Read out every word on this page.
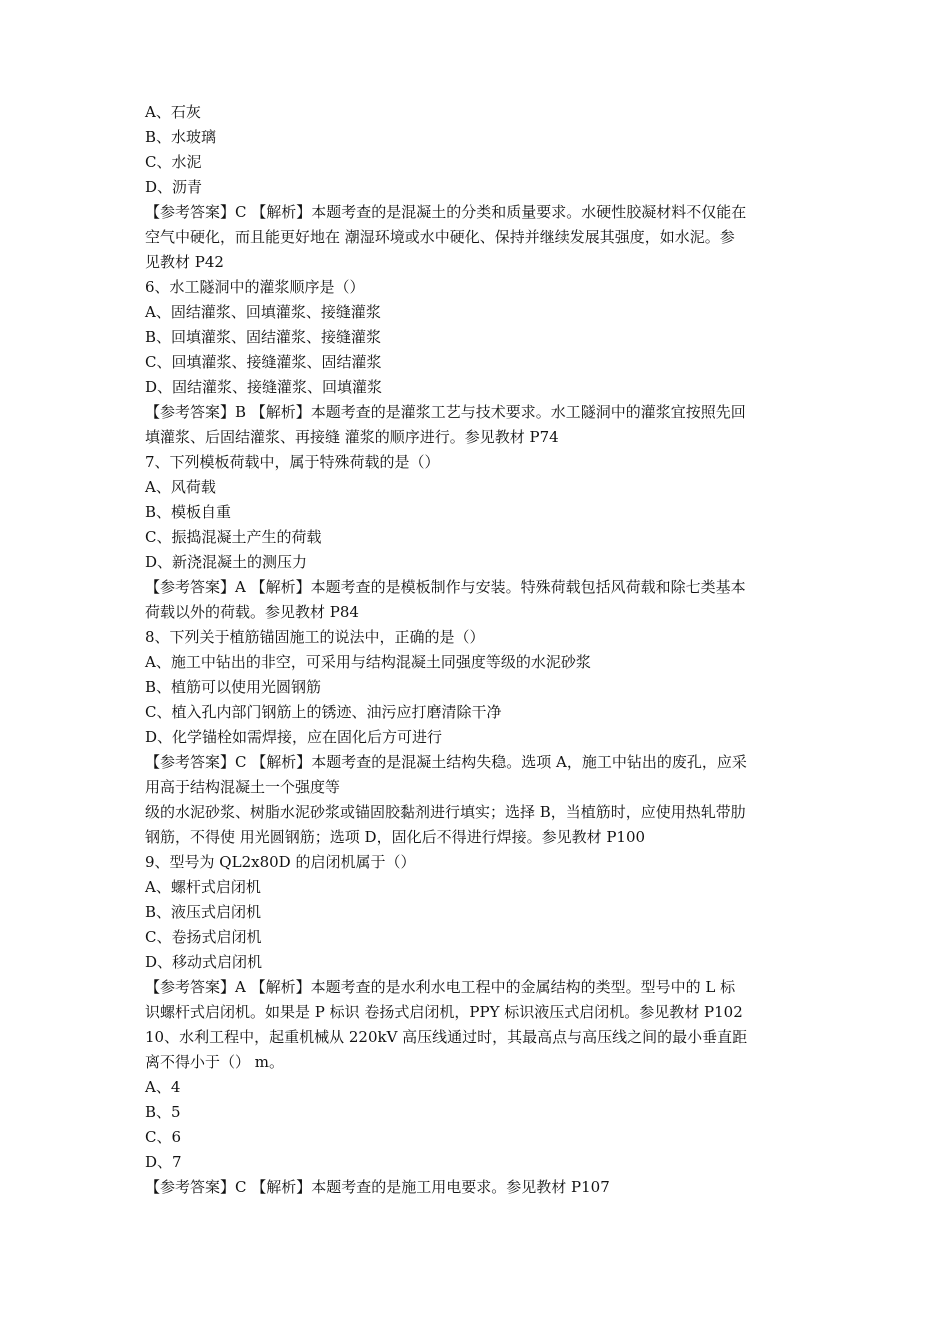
A、石灰
B、水玻璃
C、水泥
D、沥青
【参考答案】C 【解析】本题考查的是混凝土的分类和质量要求。水硬性胶凝材料不仅能在
空气中硬化，而且能更好地在 潮湿环境或水中硬化、保持并继续发展其强度，如水泥。参
见教材 P42
6、水工隧洞中的灌浆顺序是（）
A、固结灌浆、回填灌浆、接缝灌浆
B、回填灌浆、固结灌浆、接缝灌浆
C、回填灌浆、接缝灌浆、固结灌浆
D、固结灌浆、接缝灌浆、回填灌浆
【参考答案】B 【解析】本题考查的是灌浆工艺与技术要求。水工隧洞中的灌浆宜按照先回
填灌浆、后固结灌浆、再接缝 灌浆的顺序进行。参见教材 P74
7、下列模板荷载中，属于特殊荷载的是（）
A、风荷载
B、模板自重
C、振捣混凝土产生的荷载
D、新浇混凝土的测压力
【参考答案】A 【解析】本题考查的是模板制作与安装。特殊荷载包括风荷载和除七类基本
荷载以外的荷载。参见教材 P84
8、下列关于植筋锚固施工的说法中，正确的是（）
A、施工中钻出的非空，可采用与结构混凝土同强度等级的水泥砂浆
B、植筋可以使用光圆钢筋
C、植入孔内部门钢筋上的锈迹、油污应打磨清除干净
D、化学锚栓如需焊接，应在固化后方可进行
【参考答案】C 【解析】本题考查的是混凝土结构失稳。选项 A，施工中钻出的废孔，应采
用高于结构混凝土一个强度等
级的水泥砂浆、树脂水泥砂浆或锚固胶黏剂进行填实；选择 B，当植筋时，应使用热轧带肋
钢筋，不得使 用光圆钢筋；选项 D，固化后不得进行焊接。参见教材 P100
9、型号为 QL2x80D 的启闭机属于（）
A、螺杆式启闭机
B、液压式启闭机
C、卷扬式启闭机
D、移动式启闭机
【参考答案】A 【解析】本题考查的是水利水电工程中的金属结构的类型。型号中的 L 标
识螺杆式启闭机。如果是 P 标识 卷扬式启闭机，PPY 标识液压式启闭机。参见教材 P102
10、水利工程中，起重机械从 220kV 高压线通过时，其最高点与高压线之间的最小垂直距
离不得小于（） m。
A、4
B、5
C、6
D、7
【参考答案】C 【解析】本题考查的是施工用电要求。参见教材 P107
